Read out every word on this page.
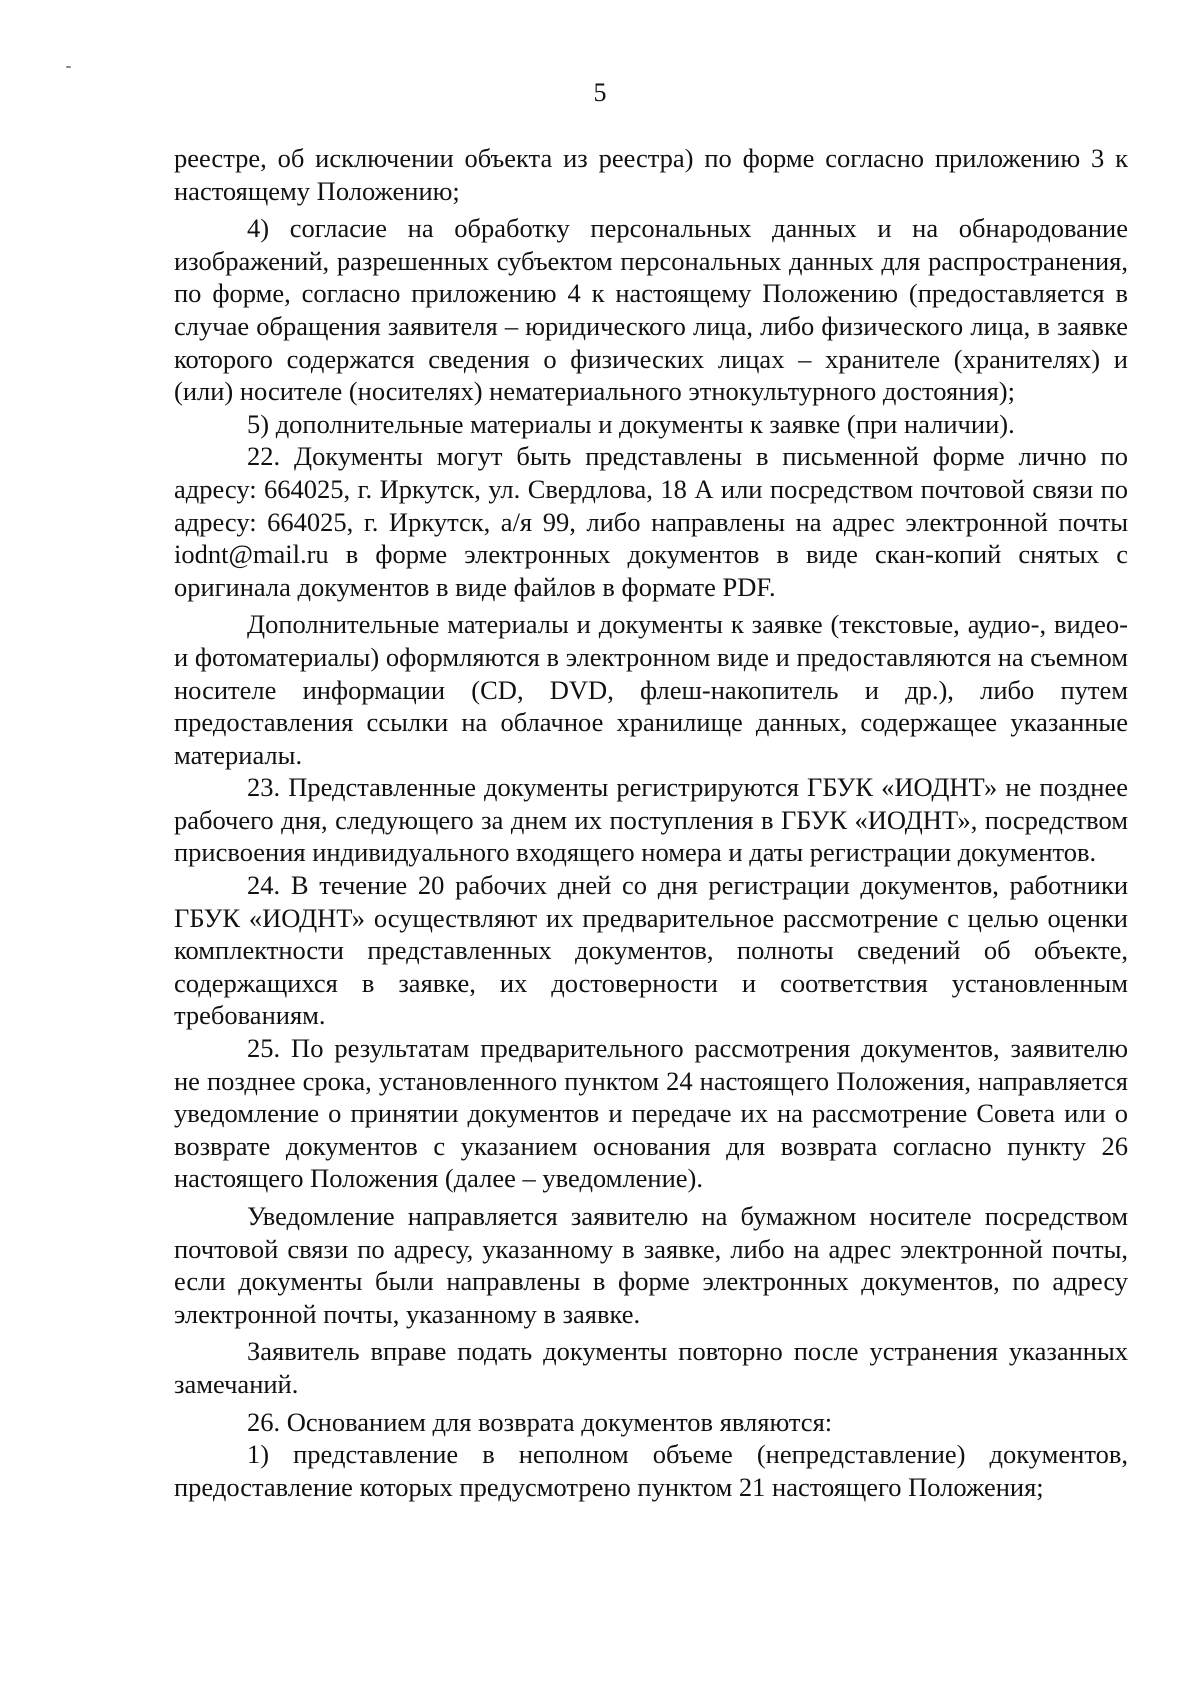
5

реестре, об исключении объекта из реестра) по форме согласно приложению 3 к настоящему Положению;

4) согласие на обработку персональных данных и на обнародование изображений, разрешенных субъектом персональных данных для распространения, по форме, согласно приложению 4 к настоящему Положению (предоставляется в случае обращения заявителя – юридического лица, либо физического лица, в заявке которого содержатся сведения о физических лицах – хранителе (хранителях) и (или) носителе (носителях) нематериального этнокультурного достояния);

5) дополнительные материалы и документы к заявке (при наличии).

22. Документы могут быть представлены в письменной форме лично по адресу: 664025, г. Иркутск, ул. Свердлова, 18 А или посредством почтовой связи по адресу: 664025, г. Иркутск, а/я 99, либо направлены на адрес электронной почты iodnt@mail.ru в форме электронных документов в виде скан-копий снятых с оригинала документов в виде файлов в формате PDF.

Дополнительные материалы и документы к заявке (текстовые, аудио-, видео- и фотоматериалы) оформляются в электронном виде и предоставляются на съемном носителе информации (CD, DVD, флеш-накопитель и др.), либо путем предоставления ссылки на облачное хранилище данных, содержащее указанные материалы.

23. Представленные документы регистрируются ГБУК «ИОДНТ» не позднее рабочего дня, следующего за днем их поступления в ГБУК «ИОДНТ», посредством присвоения индивидуального входящего номера и даты регистрации документов.

24. В течение 20 рабочих дней со дня регистрации документов, работники ГБУК «ИОДНТ» осуществляют их предварительное рассмотрение с целью оценки комплектности представленных документов, полноты сведений об объекте, содержащихся в заявке, их достоверности и соответствия установленным требованиям.

25. По результатам предварительного рассмотрения документов, заявителю не позднее срока, установленного пунктом 24 настоящего Положения, направляется уведомление о принятии документов и передаче их на рассмотрение Совета или о возврате документов с указанием основания для возврата согласно пункту 26 настоящего Положения (далее – уведомление).

Уведомление направляется заявителю на бумажном носителе посредством почтовой связи по адресу, указанному в заявке, либо на адрес электронной почты, если документы были направлены в форме электронных документов, по адресу электронной почты, указанному в заявке.

Заявитель вправе подать документы повторно после устранения указанных замечаний.

26. Основанием для возврата документов являются:

1) представление в неполном объеме (непредставление) документов, предоставление которых предусмотрено пунктом 21 настоящего Положения;
